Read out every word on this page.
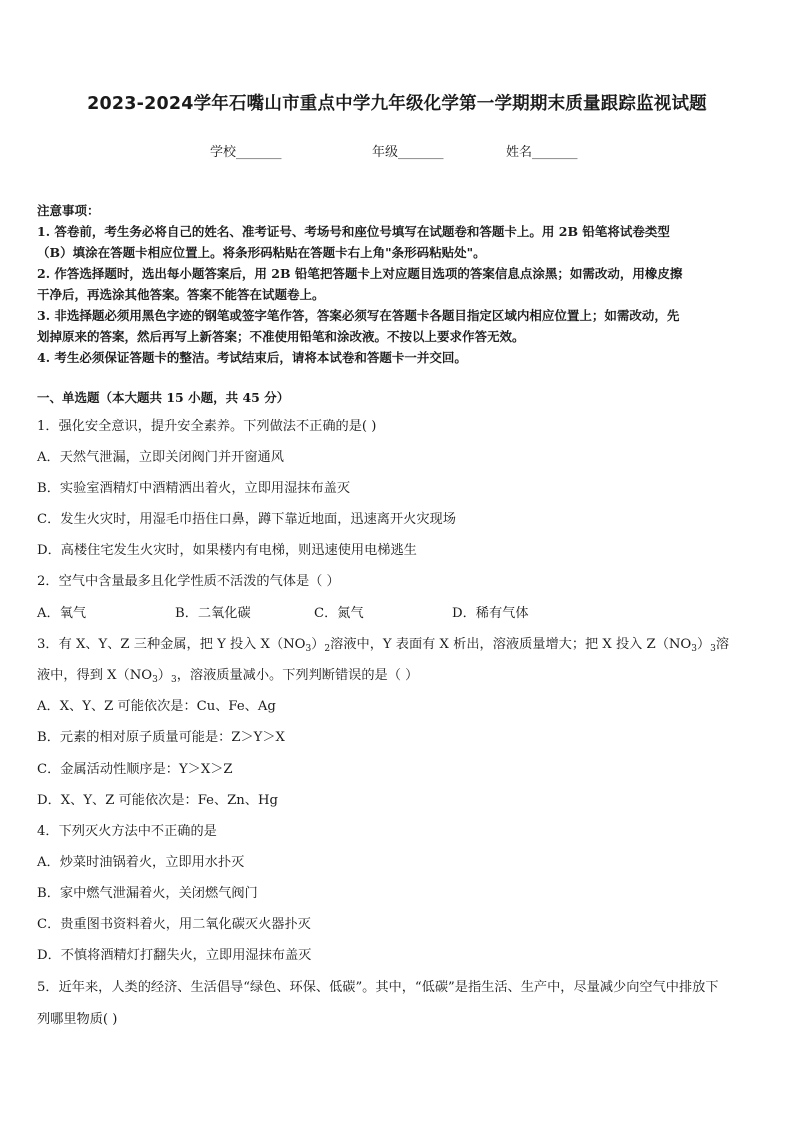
2023-2024学年石嘴山市重点中学九年级化学第一学期期末质量跟踪监视试题
学校_______	年级_______	姓名_______
注意事项：
1. 答卷前，考生务必将自己的姓名、准考证号、考场号和座位号填写在试题卷和答题卡上。用 2B 铅笔将试卷类型
（B）填涂在答题卡相应位置上。将条形码粘贴在答题卡右上角"条形码粘贴处"。
2. 作答选择题时，选出每小题答案后，用 2B 铅笔把答题卡上对应题目选项的答案信息点涂黑；如需改动，用橡皮擦
干净后，再选涂其他答案。答案不能答在试题卷上。
3. 非选择题必须用黑色字迹的钢笔或签字笔作答，答案必须写在答题卡各题目指定区域内相应位置上；如需改动，先
划掉原来的答案，然后再写上新答案；不准使用铅笔和涂改液。不按以上要求作答无效。
4. 考生必须保证答题卡的整洁。考试结束后，请将本试卷和答题卡一并交回。
一、单选题（本大题共 15 小题，共 45 分）
1．强化安全意识，提升安全素养。下列做法不正确的是( )
A．天然气泄漏，立即关闭阀门并开窗通风
B．实验室酒精灯中酒精洒出着火，立即用湿抹布盖灭
C．发生火灾时，用湿毛巾捂住口鼻，蹲下靠近地面，迅速离开火灾现场
D．高楼住宅发生火灾时，如果楼内有电梯，则迅速使用电梯逃生
2．空气中含量最多且化学性质不活泼的气体是（ ）
A．氧气	B．二氧化碳	C．氮气	D．稀有气体
3．有 X、Y、Z 三种金属，把 Y 投入 $X(NO_3)_2$溶液中，Y 表面有 X 析出，溶液质量增大；把 X 投入 $Z(NO_3)_3$溶
液中，得到 $X(NO_3)_3$，溶液质量减小。下列判断错误的是（ ）
A．X、Y、Z 可能依次是：Cu、Fe、Ag
B．元素的相对原子质量可能是：Z＞Y＞X
C．金属活动性顺序是：Y＞X＞Z
D．X、Y、Z 可能依次是：Fe、Zn、Hg
4．下列灭火方法中不正确的是
A．炒菜时油锅着火，立即用水扑灭
B．家中燃气泄漏着火，关闭燃气阀门
C．贵重图书资料着火，用二氧化碳灭火器扑灭
D．不慎将酒精灯打翻失火，立即用湿抹布盖灭
5．近年来，人类的经济、生活倡导“绿色、环保、低碳”。其中，“低碳”是指生活、生产中，尽量减少向空气中排放下
列哪里物质( )
